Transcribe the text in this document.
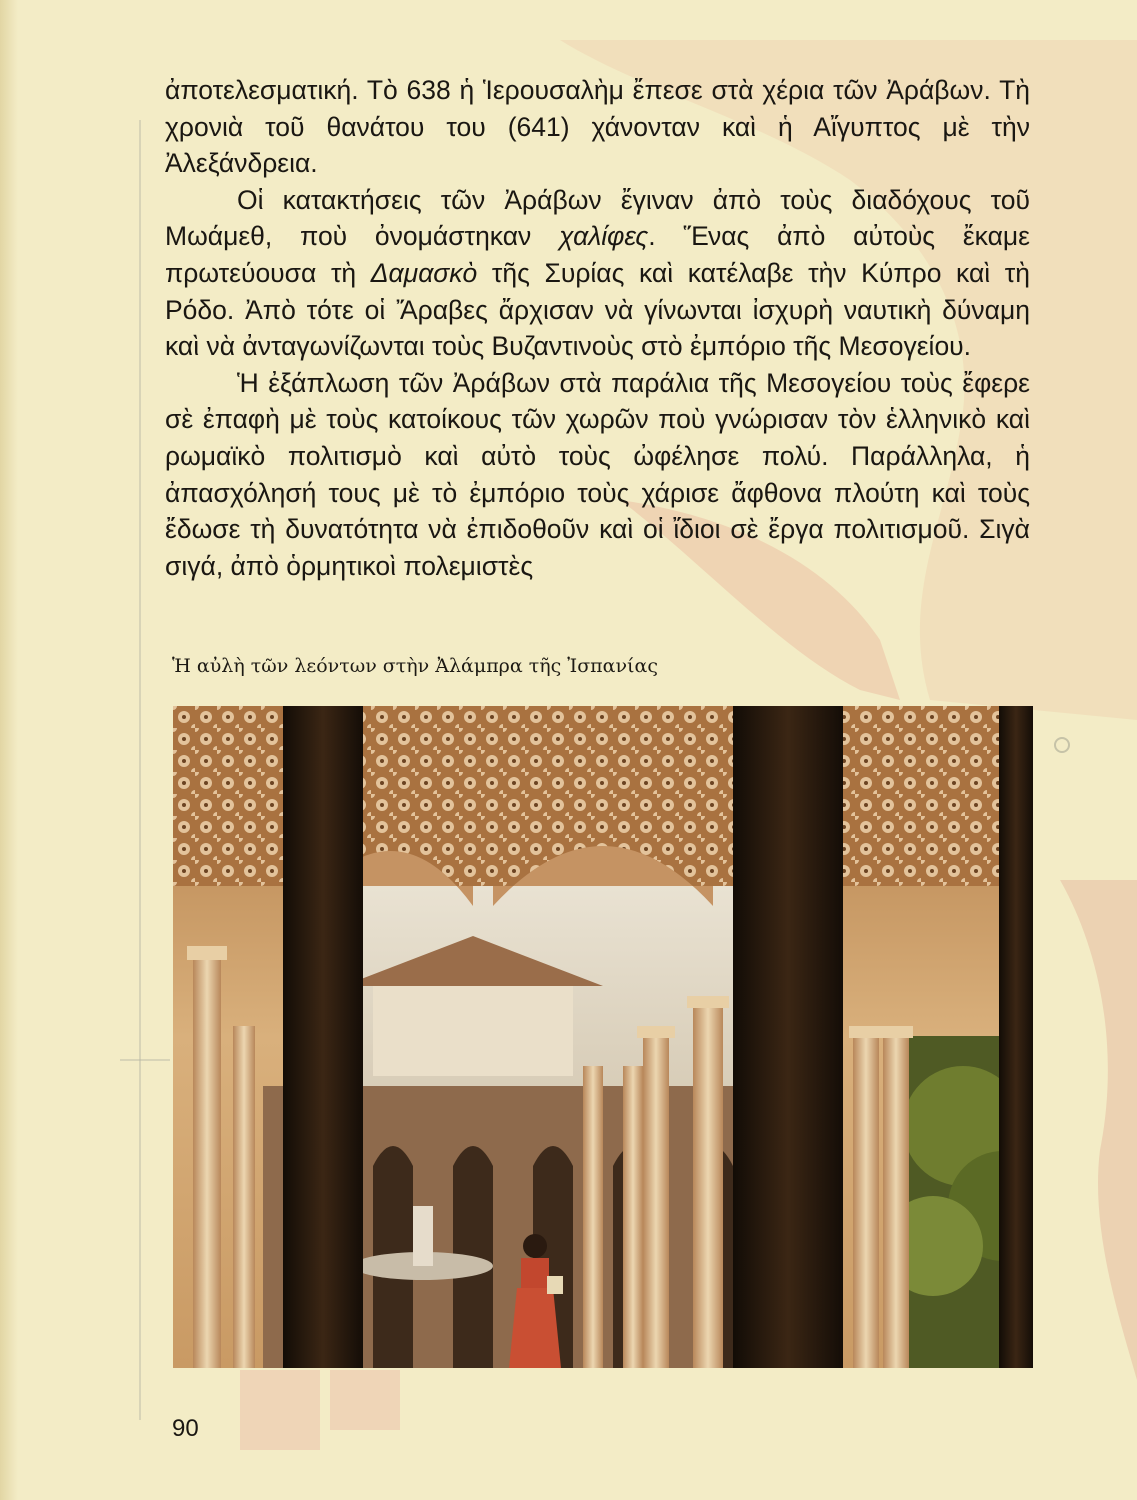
ἀποτελεσματική. Τὸ 638 ἡ Ἱερουσαλὴμ ἔπεσε στὰ χέρια τῶν Ἀράβων. Τὴ χρονιὰ τοῦ θανάτου του (641) χάνονταν καὶ ἡ Αἴγυπτος μὲ τὴν Ἀλεξάνδρεια.

Οἱ κατακτήσεις τῶν Ἀράβων ἔγιναν ἀπὸ τοὺς διαδόχους τοῦ Μωάμεθ, ποὺ ὀνομάστηκαν χαλίφες. Ἕνας ἀπὸ αὐτοὺς ἔκαμε πρωτεύουσα τὴ Δαμασκὸ τῆς Συρίας καὶ κατέλαβε τὴν Κύπρο καὶ τὴ Ρόδο. Ἀπὸ τότε οἱ Ἄραβες ἄρχισαν νὰ γίνωνται ἰσχυρὴ ναυτικὴ δύναμη καὶ νὰ ἀνταγωνίζωνται τοὺς Βυζαντινοὺς στὸ ἐμπόριο τῆς Μεσογείου.

Ἡ ἐξάπλωση τῶν Ἀράβων στὰ παράλια τῆς Μεσογείου τοὺς ἔφερε σὲ ἐπαφὴ μὲ τοὺς κατοίκους τῶν χωρῶν ποὺ γνώρισαν τὸν ἑλληνικὸ καὶ ρωμαϊκὸ πολιτισμὸ καὶ αὐτὸ τοὺς ὠφέλησε πολύ. Παράλληλα, ἡ ἀπασχόλησή τους μὲ τὸ ἐμπόριο τοὺς χάρισε ἄφθονα πλούτη καὶ τοὺς ἔδωσε τὴ δυνατότητα νὰ ἐπιδοθοῦν καὶ οἱ ἴδιοι σὲ ἔργα πολιτισμοῦ. Σιγὰ σιγά, ἀπὸ ὁρμητικοὶ πολεμιστὲς

Ἡ αὐλὴ τῶν λεόντων στὴν Ἀλάμπρα τῆς Ἰσπανίας
90
